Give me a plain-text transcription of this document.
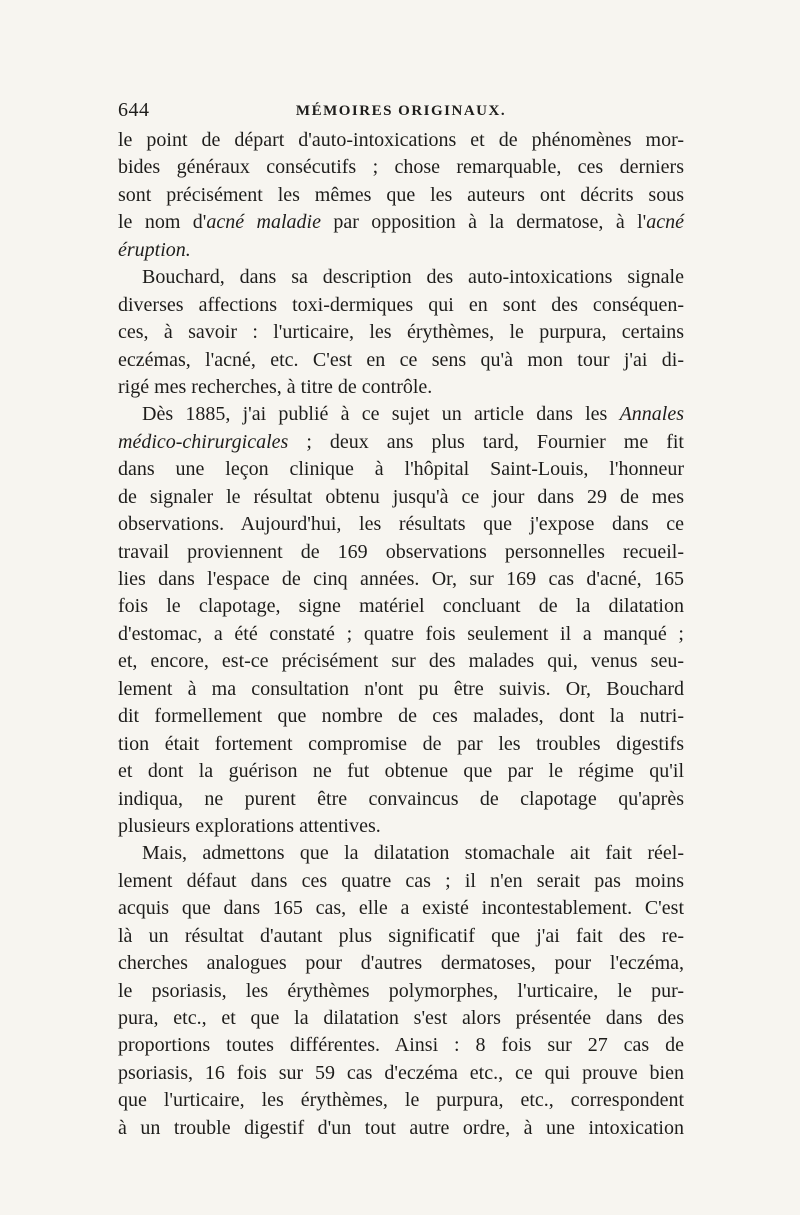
644	MÉMOIRES ORIGINAUX.
le point de départ d'auto-intoxications et de phénomènes mor-
bides généraux consécutifs ; chose remarquable, ces derniers
sont précisément les mêmes que les auteurs ont décrits sous
le nom d'acné maladie par opposition à la dermatose, à l'acné
éruption.
Bouchard, dans sa description des auto-intoxications signale
diverses affections toxi-dermiques qui en sont des conséquen-
ces, à savoir : l'urticaire, les érythèmes, le purpura, certains
eczémas, l'acné, etc. C'est en ce sens qu'à mon tour j'ai di-
rigé mes recherches, à titre de contrôle.
Dès 1885, j'ai publié à ce sujet un article dans les Annales
médico-chirurgicales ; deux ans plus tard, Fournier me fit
dans une leçon clinique à l'hôpital Saint-Louis, l'honneur
de signaler le résultat obtenu jusqu'à ce jour dans 29 de mes
observations. Aujourd'hui, les résultats que j'expose dans ce
travail proviennent de 169 observations personnelles recueil-
lies dans l'espace de cinq années. Or, sur 169 cas d'acné, 165
fois le clapotage, signe matériel concluant de la dilatation
d'estomac, a été constaté ; quatre fois seulement il a manqué ;
et, encore, est-ce précisément sur des malades qui, venus seu-
lement à ma consultation n'ont pu être suivis. Or, Bouchard
dit formellement que nombre de ces malades, dont la nutri-
tion était fortement compromise de par les troubles digestifs
et dont la guérison ne fut obtenue que par le régime qu'il
indiqua, ne purent être convaincus de clapotage qu'après
plusieurs explorations attentives.
Mais, admettons que la dilatation stomachale ait fait réel-
lement défaut dans ces quatre cas ; il n'en serait pas moins
acquis que dans 165 cas, elle a existé incontestablement. C'est
là un résultat d'autant plus significatif que j'ai fait des re-
cherches analogues pour d'autres dermatoses, pour l'eczéma,
le psoriasis, les érythèmes polymorphes, l'urticaire, le pur-
pura, etc., et que la dilatation s'est alors présentée dans des
proportions toutes différentes. Ainsi : 8 fois sur 27 cas de
psoriasis, 16 fois sur 59 cas d'eczéma etc., ce qui prouve bien
que l'urticaire, les érythèmes, le purpura, etc., correspondent
à un trouble digestif d'un tout autre ordre, à une intoxication
